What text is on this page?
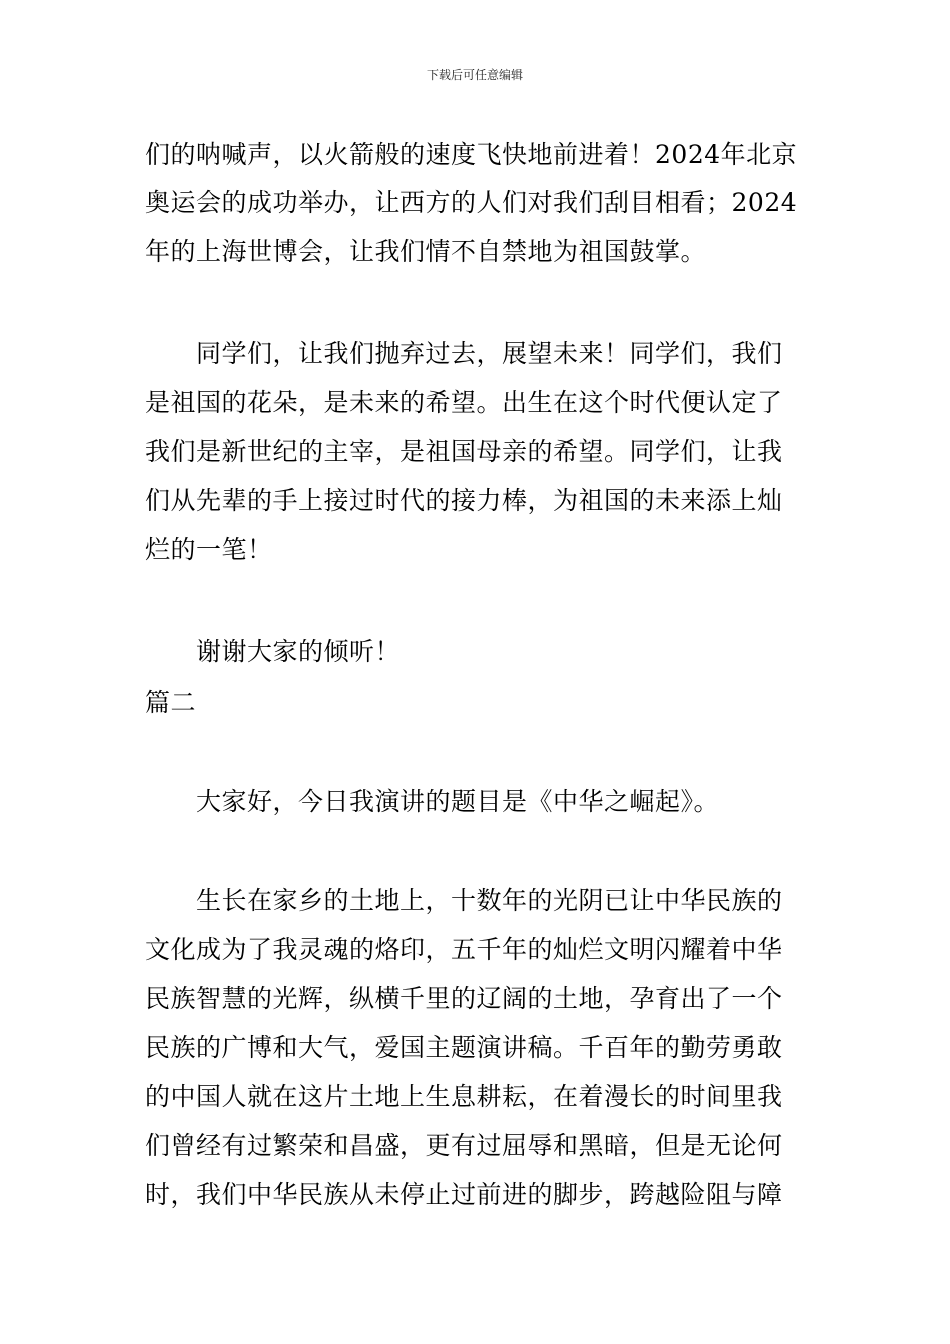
下载后可任意编辑
们的呐喊声，以火箭般的速度飞快地前进着！2024年北京
奥运会的成功举办，让西方的人们对我们刮目相看；2024
年的上海世博会，让我们情不自禁地为祖国鼓掌。
　　同学们，让我们抛弃过去，展望未来！同学们，我们
是祖国的花朵，是未来的希望。出生在这个时代便认定了
我们是新世纪的主宰，是祖国母亲的希望。同学们，让我
们从先辈的手上接过时代的接力棒，为祖国的未来添上灿
烂的一笔！
　　谢谢大家的倾听！
篇二
　　大家好，今日我演讲的题目是《中华之崛起》。
　　生长在家乡的土地上，十数年的光阴已让中华民族的
文化成为了我灵魂的烙印，五千年的灿烂文明闪耀着中华
民族智慧的光辉，纵横千里的辽阔的土地，孕育出了一个
民族的广博和大气，爱国主题演讲稿。千百年的勤劳勇敢
的中国人就在这片土地上生息耕耘，在着漫长的时间里我
们曾经有过繁荣和昌盛，更有过屈辱和黑暗，但是无论何
时，我们中华民族从未停止过前进的脚步，跨越险阻与障
